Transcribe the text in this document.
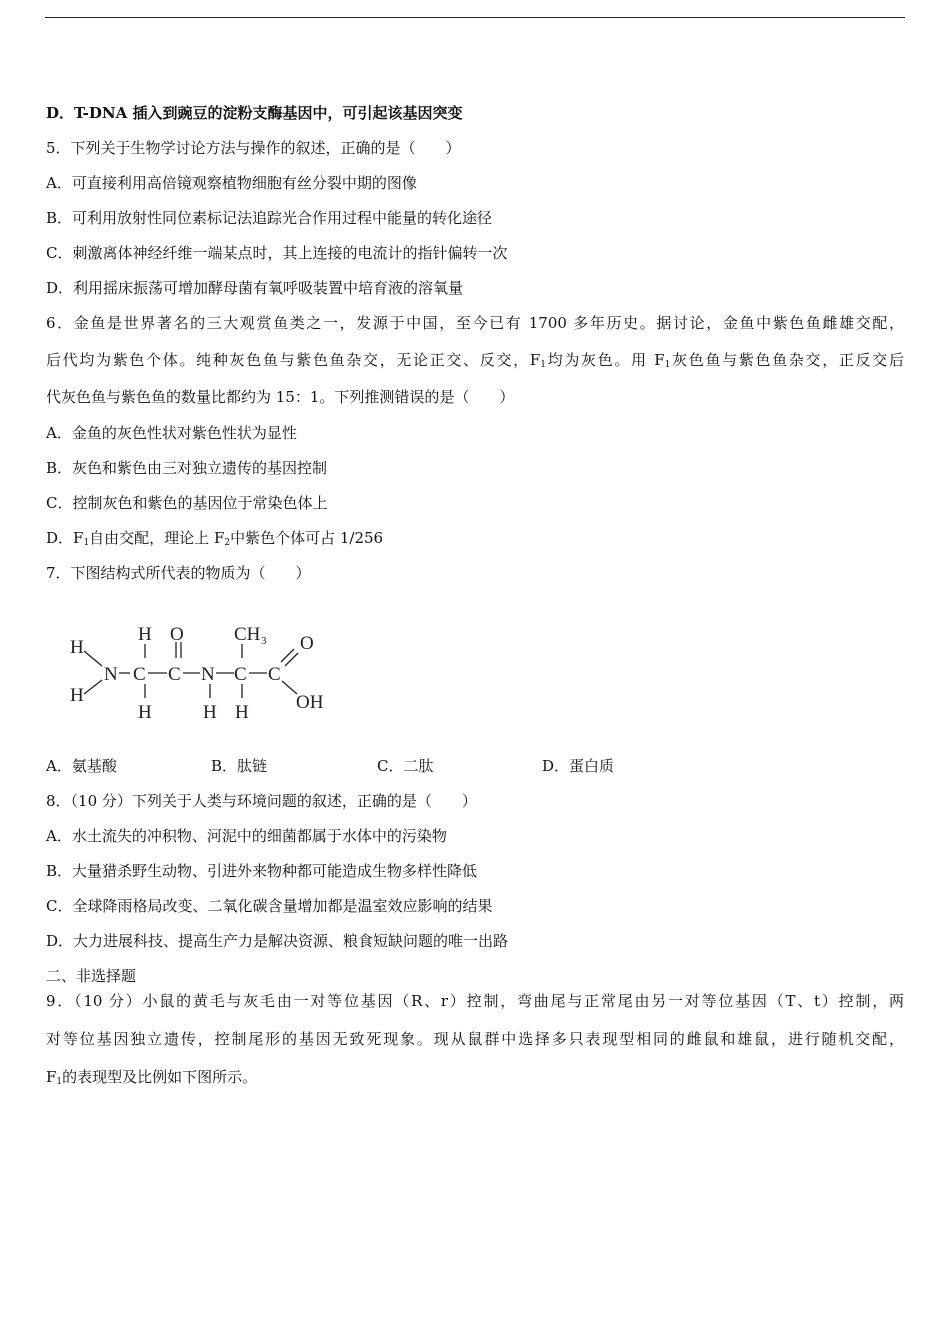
D．T-DNA 插入到豌豆的淀粉支酶基因中，可引起该基因突变
5．下列关于生物学讨论方法与操作的叙述，正确的是（　　）
A．可直接利用高倍镜观察植物细胞有丝分裂中期的图像
B．可利用放射性同位素标记法追踪光合作用过程中能量的转化途径
C．刺激离体神经纤维一端某点时，其上连接的电流计的指针偏转一次
D．利用摇床振荡可增加酵母菌有氧呼吸装置中培育液的溶氧量
6．金鱼是世界著名的三大观赏鱼类之一，发源于中国，至今已有 1700 多年历史。据讨论，金鱼中紫色鱼雌雄交配，
后代均为紫色个体。纯种灰色鱼与紫色鱼杂交，无论正交、反交，$F_1$均为灰色。用 $F_1$灰色鱼与紫色鱼杂交，正反交后
代灰色鱼与紫色鱼的数量比都约为 15：1。下列推测错误的是（　　）
A．金鱼的灰色性状对紫色性状为显性
B．灰色和紫色由三对独立遗传的基因控制
C．控制灰色和紫色的基因位于常染色体上
D．$F_1$自由交配，理论上 $F_2$中紫色个体可占 1/256
7．下图结构式所代表的物质为（　　）
H
H
N C
H
H
C
O
N
H
C
CH 3
H
C
O
OH
A．氨基酸	B．肽链	C．二肽	D．蛋白质
8．（10 分）下列关于人类与环境问题的叙述，正确的是（　　）
A．水土流失的冲积物、河泥中的细菌都属于水体中的污染物
B．大量猎杀野生动物、引进外来物种都可能造成生物多样性降低
C．全球降雨格局改变、二氧化碳含量增加都是温室效应影响的结果
D．大力进展科技、提高生产力是解决资源、粮食短缺问题的唯一出路
二、非选择题
9．（10 分）小鼠的黄毛与灰毛由一对等位基因（R、r）控制，弯曲尾与正常尾由另一对等位基因（T、t）控制，两
对等位基因独立遗传，控制尾形的基因无致死现象。现从鼠群中选择多只表现型相同的雌鼠和雄鼠，进行随机交配，
$F_1$的表现型及比例如下图所示。
